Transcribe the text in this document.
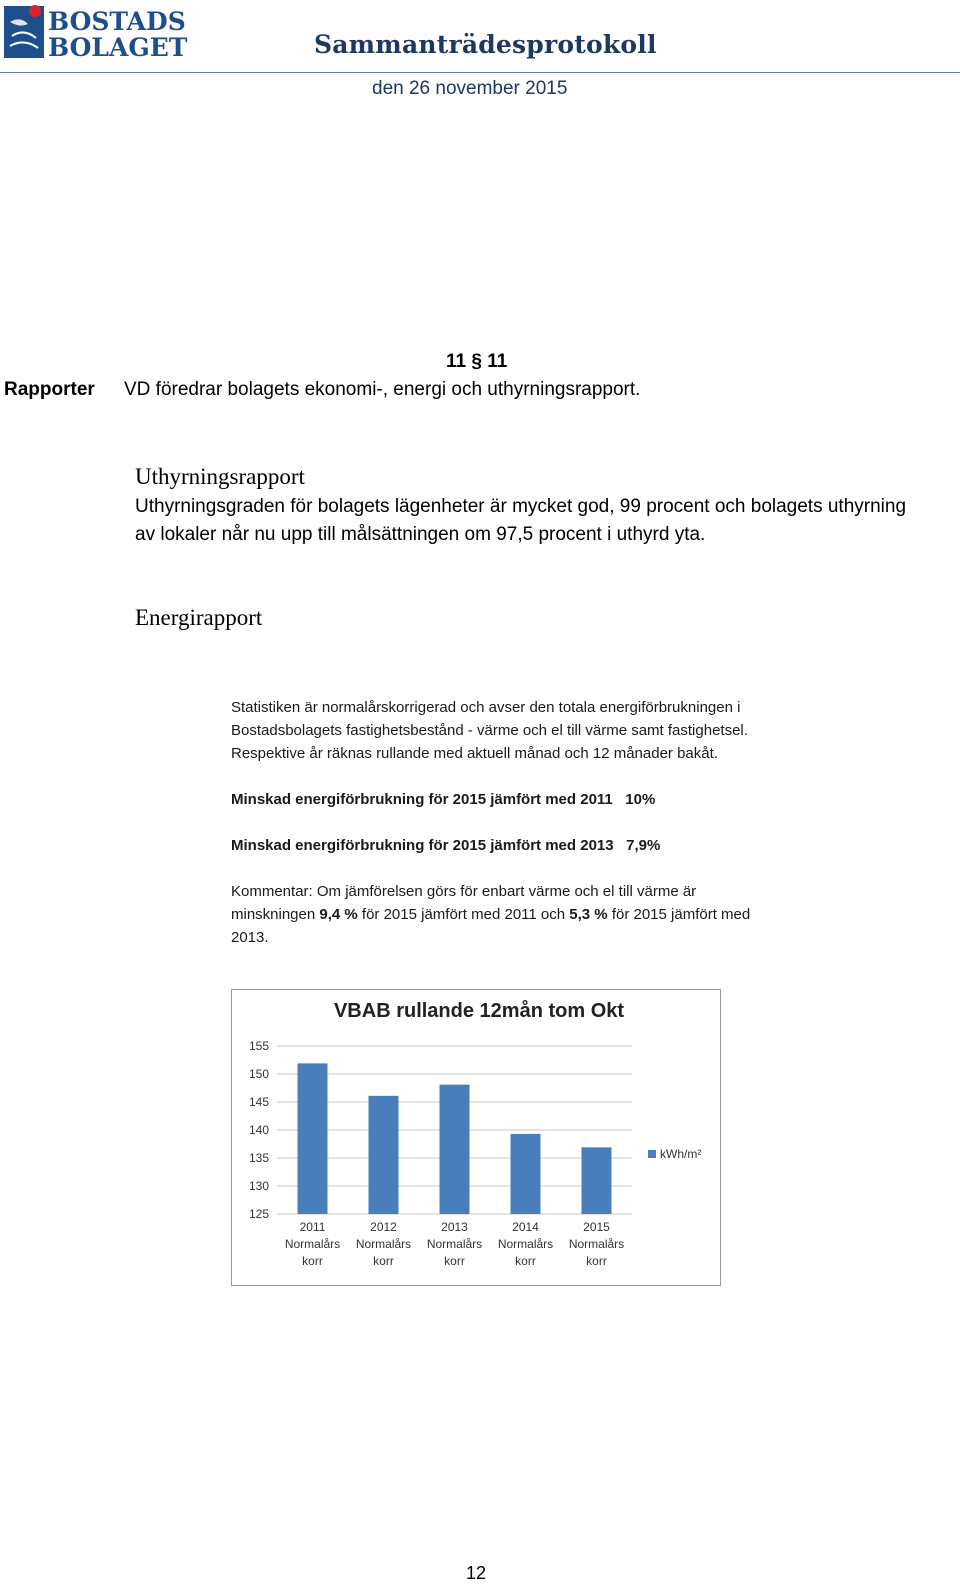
BOSTADS
BOLAGET	Sammanträdesprotokoll
den 26 november 2015
11 § 11
Rapporter VD föredrar bolagets ekonomi-, energi och uthyrningsrapport.
Uthyrningsrapport
Uthyrningsgraden för bolagets lägenheter är mycket god, 99 procent och bolagets uthyrning av lokaler når nu upp till målsättningen om 97,5 procent i uthyrd yta.
Energirapport

Statistiken är normalårskorrigerad och avser den totala energiförbrukningen i

Bostadsbolagets fastighetsbestånd - värme och el till värme samt fastighetsel.

Respektive år räknas rullande med aktuell månad och 12 månader bakåt.

Minskad energiförbrukning för 2015 jämfört med 2011 10%

Minskad energiförbrukning för 2015 jämfört med 2013 7,9%

Kommentar: Om jämförelsen görs för enbart värme och el till värme är

minskningen 9,4 % för 2015 jämfört med 2011 och 5,3 % för 2015 jämfört med

2013.

VBAB rullande 12mån tom Okt
125
130
135
140
145
150
155
2011
Normalårs
korr
2012
Normalårs
korr
2013
Normalårs
korr
2014
Normalårs
korr
2015
Normalårs
korr
kWh/m²
12
